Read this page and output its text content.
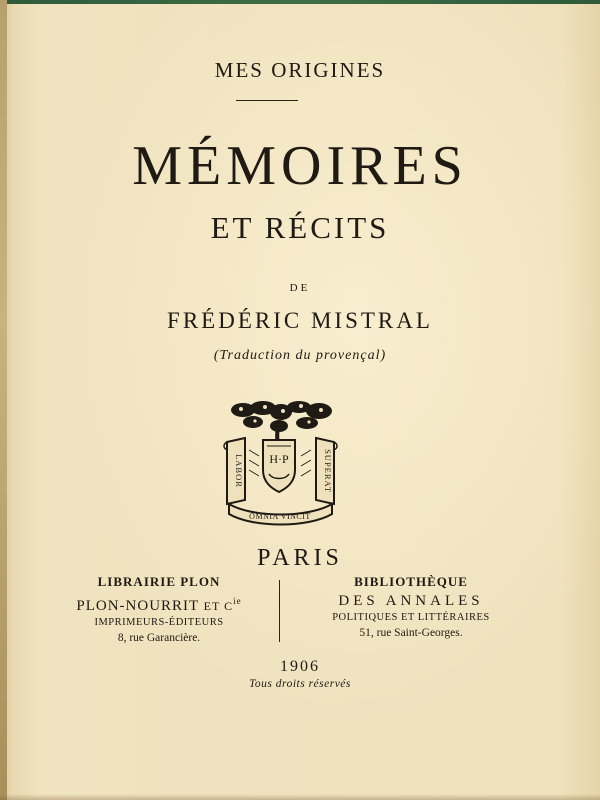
MES ORIGINES
MÉMOIRES
ET RÉCITS
DE
FRÉDÉRIC MISTRAL
(Traduction du provençal)
H·P
LABOR	SUPERAT
OMNIA VINCIT
PARIS
LIBRAIRIE PLON
PLON-NOURRIT ET $C^{ie}$
IMPRIMEURS-ÉDITEURS
8, rue Garancière.
BIBLIOTHÈQUE
DES ANNALES
POLITIQUES ET LITTÉRAIRES
51, rue Saint-Georges.
1906
Tous droits réservés
